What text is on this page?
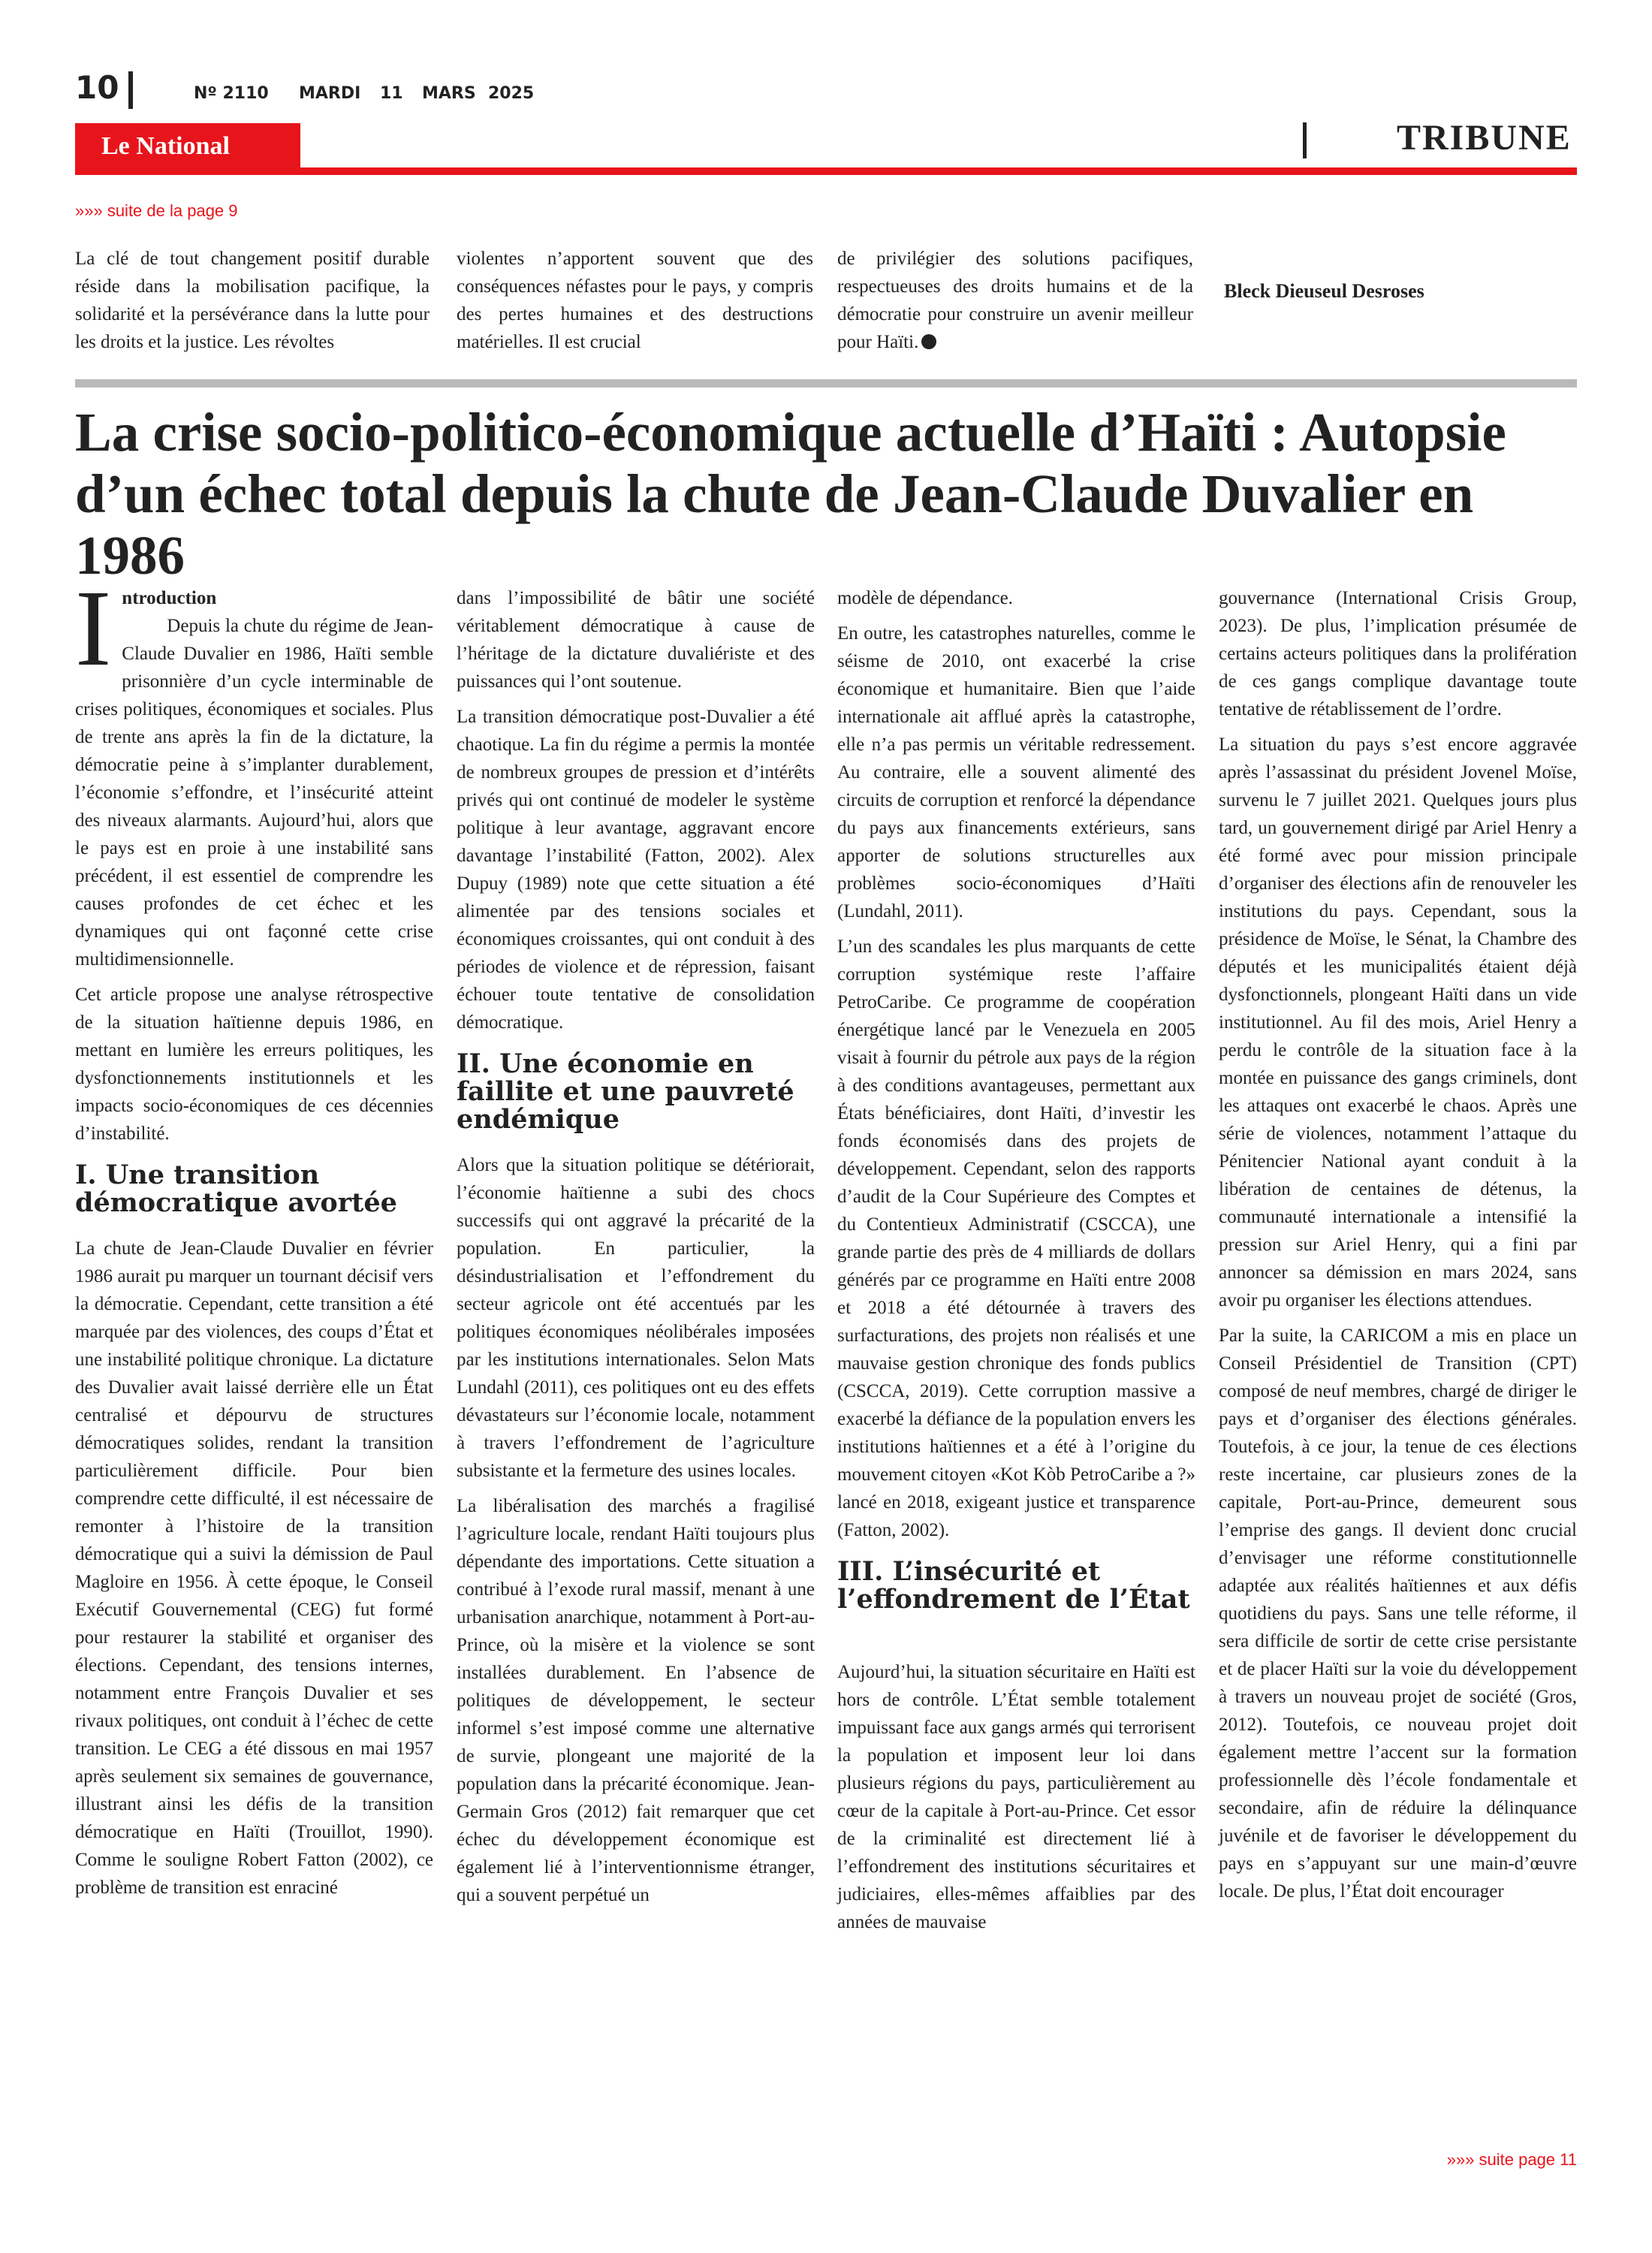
10	Nº 2110 MARDI 11 MARS 2025
Le National	TRIBUNE
»»» suite de la page 9

La clé de tout changement positif durable réside dans la mobilisation pacifique, la solidarité et la persévérance dans la lutte pour les droits et la justice. Les révoltes

violentes n’apportent souvent que des conséquences néfastes pour le pays, y compris des pertes humaines et des destructions matérielles. Il est crucial

de privilégier des solutions pacifiques, respectueuses des droits humains et de la démocratie pour construire un avenir meilleur pour Haïti.

Bleck Dieuseul Desroses
La crise socio-politico-économique actuelle d’Haïti : Autopsie d’un échec total depuis la chute de Jean-Claude Duvalier en 1986
I ntroduction

Depuis la chute du régime de Jean-Claude Duvalier en 1986, Haïti semble prisonnière d’un cycle interminable de crises politiques, économiques et sociales. Plus de trente ans après la fin de la dictature, la démocratie peine à s’implanter durablement, l’économie s’effondre, et l’insécurité atteint des niveaux alarmants. Aujourd’hui, alors que le pays est en proie à une instabilité sans précédent, il est essentiel de comprendre les causes profondes de cet échec et les dynamiques qui ont façonné cette crise multidimensionnelle.

Cet article propose une analyse rétrospective de la situation haïtienne depuis 1986, en mettant en lumière les erreurs politiques, les dysfonctionnements institutionnels et les impacts socio-économiques de ces décennies d’instabilité.

I. Une transition démocratique avortée

La chute de Jean-Claude Duvalier en février 1986 aurait pu marquer un tournant décisif vers la démocratie. Cependant, cette transition a été marquée par des violences, des coups d’État et une instabilité politique chronique. La dictature des Duvalier avait laissé derrière elle un État centralisé et dépourvu de structures démocratiques solides, rendant la transition particulièrement difficile. Pour bien comprendre cette difficulté, il est nécessaire de remonter à l’histoire de la transition démocratique qui a suivi la démission de Paul Magloire en 1956. À cette époque, le Conseil Exécutif Gouvernemental (CEG) fut formé pour restaurer la stabilité et organiser des élections. Cependant, des tensions internes, notamment entre François Duvalier et ses rivaux politiques, ont conduit à l’échec de cette transition. Le CEG a été dissous en mai 1957 après seulement six semaines de gouvernance, illustrant ainsi les défis de la transition démocratique en Haïti (Trouillot, 1990). Comme le souligne Robert Fatton (2002), ce problème de transition est enraciné

dans l’impossibilité de bâtir une société véritablement démocratique à cause de l’héritage de la dictature duvaliériste et des puissances qui l’ont soutenue.

La transition démocratique post-Duvalier a été chaotique. La fin du régime a permis la montée de nombreux groupes de pression et d’intérêts privés qui ont continué de modeler le système politique à leur avantage, aggravant encore davantage l’instabilité (Fatton, 2002). Alex Dupuy (1989) note que cette situation a été alimentée par des tensions sociales et économiques croissantes, qui ont conduit à des périodes de violence et de répression, faisant échouer toute tentative de consolidation démocratique.

II. Une économie en faillite et une pauvreté endémique

Alors que la situation politique se détériorait, l’économie haïtienne a subi des chocs successifs qui ont aggravé la précarité de la population. En particulier, la désindustrialisation et l’effondrement du secteur agricole ont été accentués par les politiques économiques néolibérales imposées par les institutions internationales. Selon Mats Lundahl (2011), ces politiques ont eu des effets dévastateurs sur l’économie locale, notamment à travers l’effondrement de l’agriculture subsistante et la fermeture des usines locales.

La libéralisation des marchés a fragilisé l’agriculture locale, rendant Haïti toujours plus dépendante des importations. Cette situation a contribué à l’exode rural massif, menant à une urbanisation anarchique, notamment à Port-au-Prince, où la misère et la violence se sont installées durablement. En l’absence de politiques de développement, le secteur informel s’est imposé comme une alternative de survie, plongeant une majorité de la population dans la précarité économique. Jean-Germain Gros (2012) fait remarquer que cet échec du développement économique est également lié à l’interventionnisme étranger, qui a souvent perpétué un

modèle de dépendance.

En outre, les catastrophes naturelles, comme le séisme de 2010, ont exacerbé la crise économique et humanitaire. Bien que l’aide internationale ait afflué après la catastrophe, elle n’a pas permis un véritable redressement. Au contraire, elle a souvent alimenté des circuits de corruption et renforcé la dépendance du pays aux financements extérieurs, sans apporter de solutions structurelles aux problèmes socio-économiques d’Haïti (Lundahl, 2011).

L’un des scandales les plus marquants de cette corruption systémique reste l’affaire PetroCaribe. Ce programme de coopération énergétique lancé par le Venezuela en 2005 visait à fournir du pétrole aux pays de la région à des conditions avantageuses, permettant aux États bénéficiaires, dont Haïti, d’investir les fonds économisés dans des projets de développement. Cependant, selon des rapports d’audit de la Cour Supérieure des Comptes et du Contentieux Administratif (CSCCA), une grande partie des près de 4 milliards de dollars générés par ce programme en Haïti entre 2008 et 2018 a été détournée à travers des surfacturations, des projets non réalisés et une mauvaise gestion chronique des fonds publics (CSCCA, 2019). Cette corruption massive a exacerbé la défiance de la population envers les institutions haïtiennes et a été à l’origine du mouvement citoyen «Kot Kòb PetroCaribe a ?» lancé en 2018, exigeant justice et transparence (Fatton, 2002).

III. L’insécurité et l’effondrement de l’État

Aujourd’hui, la situation sécuritaire en Haïti est hors de contrôle. L’État semble totalement impuissant face aux gangs armés qui terrorisent la population et imposent leur loi dans plusieurs régions du pays, particulièrement au cœur de la capitale à Port-au-Prince. Cet essor de la criminalité est directement lié à l’effondrement des institutions sécuritaires et judiciaires, elles-mêmes affaiblies par des années de mauvaise

gouvernance (International Crisis Group, 2023). De plus, l’implication présumée de certains acteurs politiques dans la prolifération de ces gangs complique davantage toute tentative de rétablissement de l’ordre.

La situation du pays s’est encore aggravée après l’assassinat du président Jovenel Moïse, survenu le 7 juillet 2021. Quelques jours plus tard, un gouvernement dirigé par Ariel Henry a été formé avec pour mission principale d’organiser des élections afin de renouveler les institutions du pays. Cependant, sous la présidence de Moïse, le Sénat, la Chambre des députés et les municipalités étaient déjà dysfonctionnels, plongeant Haïti dans un vide institutionnel. Au fil des mois, Ariel Henry a perdu le contrôle de la situation face à la montée en puissance des gangs criminels, dont les attaques ont exacerbé le chaos. Après une série de violences, notamment l’attaque du Pénitencier National ayant conduit à la libération de centaines de détenus, la communauté internationale a intensifié la pression sur Ariel Henry, qui a fini par annoncer sa démission en mars 2024, sans avoir pu organiser les élections attendues.

Par la suite, la CARICOM a mis en place un Conseil Présidentiel de Transition (CPT) composé de neuf membres, chargé de diriger le pays et d’organiser des élections générales. Toutefois, à ce jour, la tenue de ces élections reste incertaine, car plusieurs zones de la capitale, Port-au-Prince, demeurent sous l’emprise des gangs. Il devient donc crucial d’envisager une réforme constitutionnelle adaptée aux réalités haïtiennes et aux défis quotidiens du pays. Sans une telle réforme, il sera difficile de sortir de cette crise persistante et de placer Haïti sur la voie du développement à travers un nouveau projet de société (Gros, 2012). Toutefois, ce nouveau projet doit également mettre l’accent sur la formation professionnelle dès l’école fondamentale et secondaire, afin de réduire la délinquance juvénile et de favoriser le développement du pays en s’appuyant sur une main-d’œuvre locale. De plus, l’État doit encourager

»»» suite page 11
